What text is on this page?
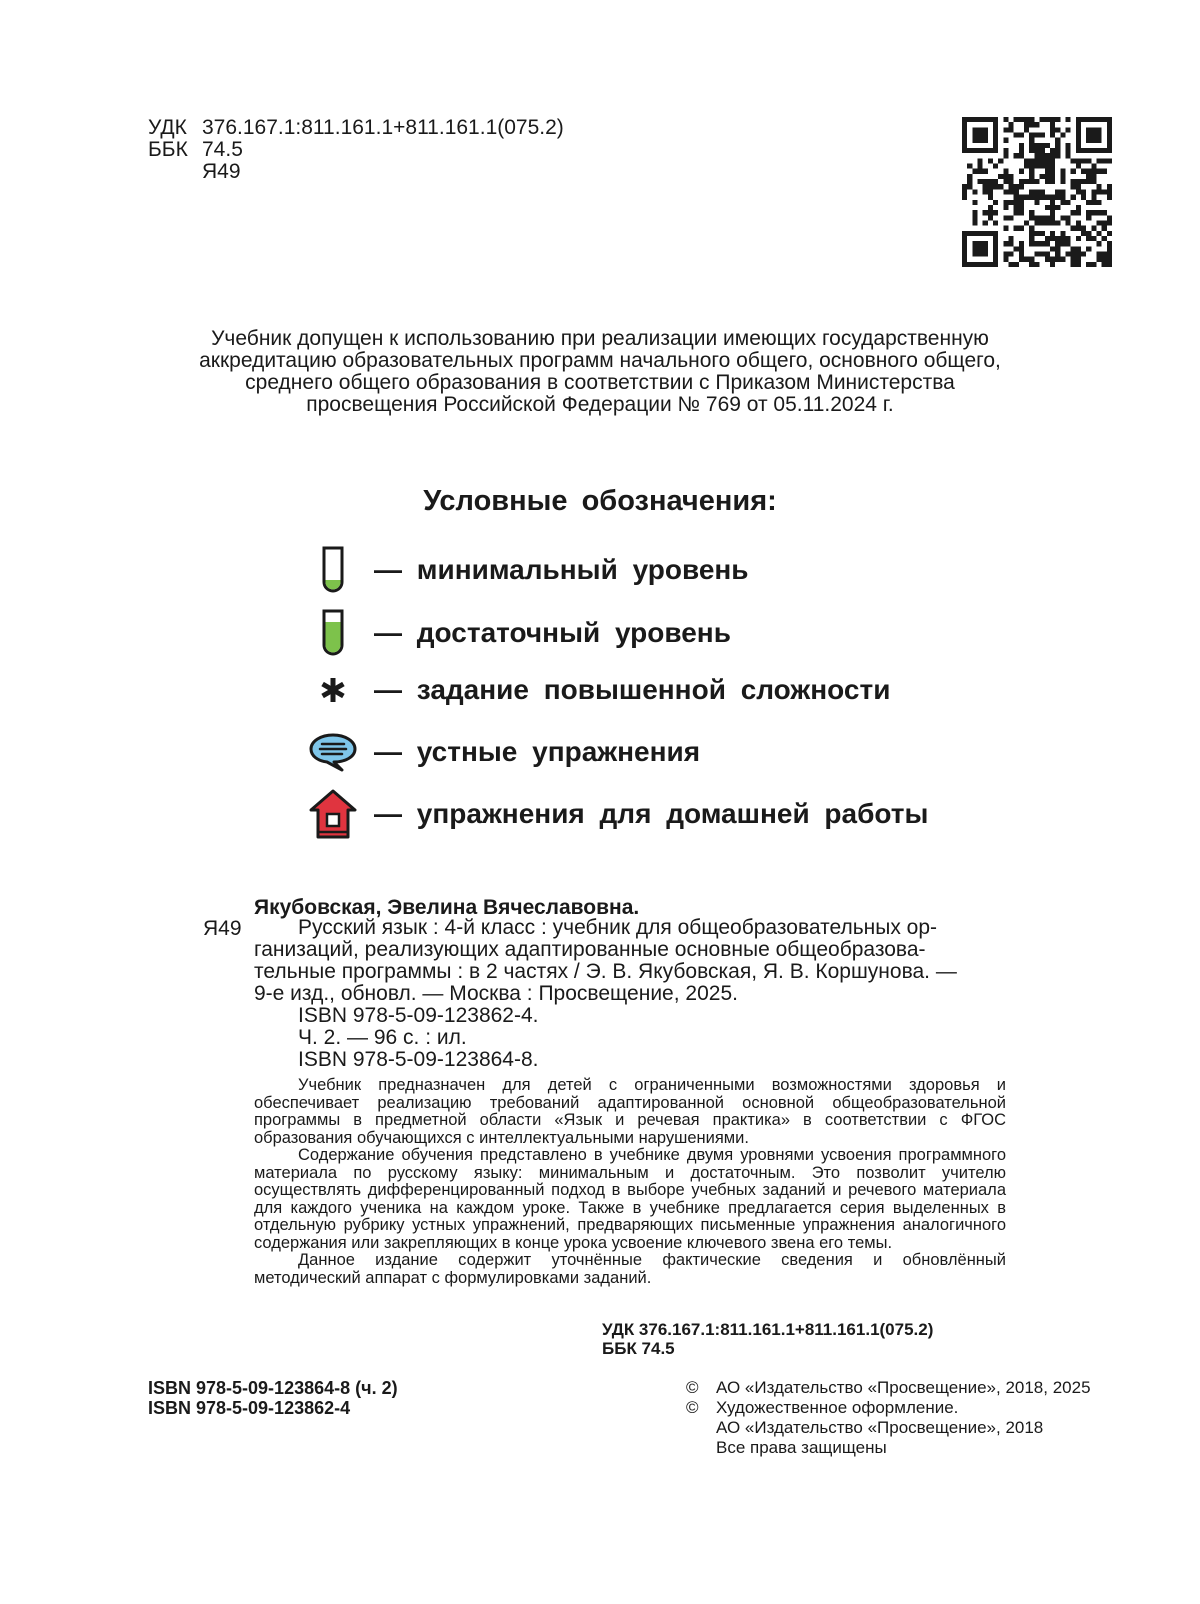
УДК 376.167.1:811.161.1+811.161.1(075.2)
ББК 74.5
Я49
Учебник допущен к использованию при реализации имеющих государственную
аккредитацию образовательных программ начального общего, основного общего,
среднего общего образования в соответствии с Приказом Министерства
просвещения Российской Федерации № 769 от 05.11.2024 г.
Условные обозначения:
— минимальный уровень
— достаточный уровень
— задание повышенной сложности
— устные упражнения
— упражнения для домашней работы
Якубовская, Эвелина Вячеславовна.
Я49	Русский язык : 4-й класс : учебник для общеобразовательных ор-
ганизаций, реализующих адаптированные основные общеобразова-
тельные программы : в 2 частях / Э. В. Якубовская, Я. В. Коршунова. —
9-е изд., обновл. — Москва : Просвещение, 2025.
ISBN 978-5-09-123862-4.
Ч. 2. — 96 с. : ил.
ISBN 978-5-09-123864-8.

Учебник предназначен для детей с ограниченными возможностями здоровья и обеспечивает реализацию требований адаптированной основной общеобразовательной программы в предметной области «Язык и речевая практика» в соответствии с ФГОС образования обучающихся с интеллектуальными нарушениями.

Содержание обучения представлено в учебнике двумя уровнями усвоения программного материала по русскому языку: минимальным и достаточным. Это позволит учителю осуществлять дифференцированный подход в выборе учебных заданий и речевого материала для каждого ученика на каждом уроке. Также в учебнике предлагается серия выделенных в отдельную рубрику устных упражнений, предваряющих письменные упражнения аналогичного содержания или закрепляющих в конце урока усвоение ключевого звена его темы.

Данное издание содержит уточнённые фактические сведения и обновлённый методический аппарат с формулировками заданий.

УДК 376.167.1:811.161.1+811.161.1(075.2)
ББК 74.5
ISBN 978-5-09-123864-8 (ч. 2)
ISBN 978-5-09-123862-4
©	АО «Издательство «Просвещение», 2018, 2025
©	Художественное оформление.
АО «Издательство «Просвещение», 2018
Все права защищены
